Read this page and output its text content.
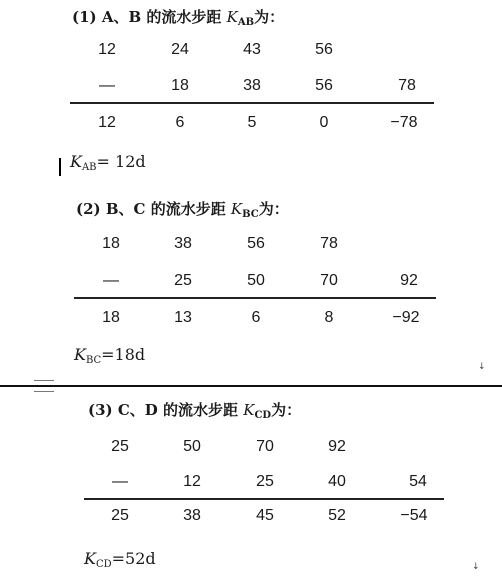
(1) A、B 的流水步距 $K_{AB}$为：
12	24	43	56
—	18	38	56	78
12	6	5	0	−78
$K_{AB}= 12d$
(2) B、C 的流水步距 $K_{BC}$为：
18	38	56	78
—	25	50	70	92
18	13	6	8	−92
$K_{BC}=18d$
↓
(3) C、D 的流水步距 $K_{CD}$为：
25	50	70	92
—	12	25	40	54
25	38	45	52	−54
$K_{CD}=52d$	↓
